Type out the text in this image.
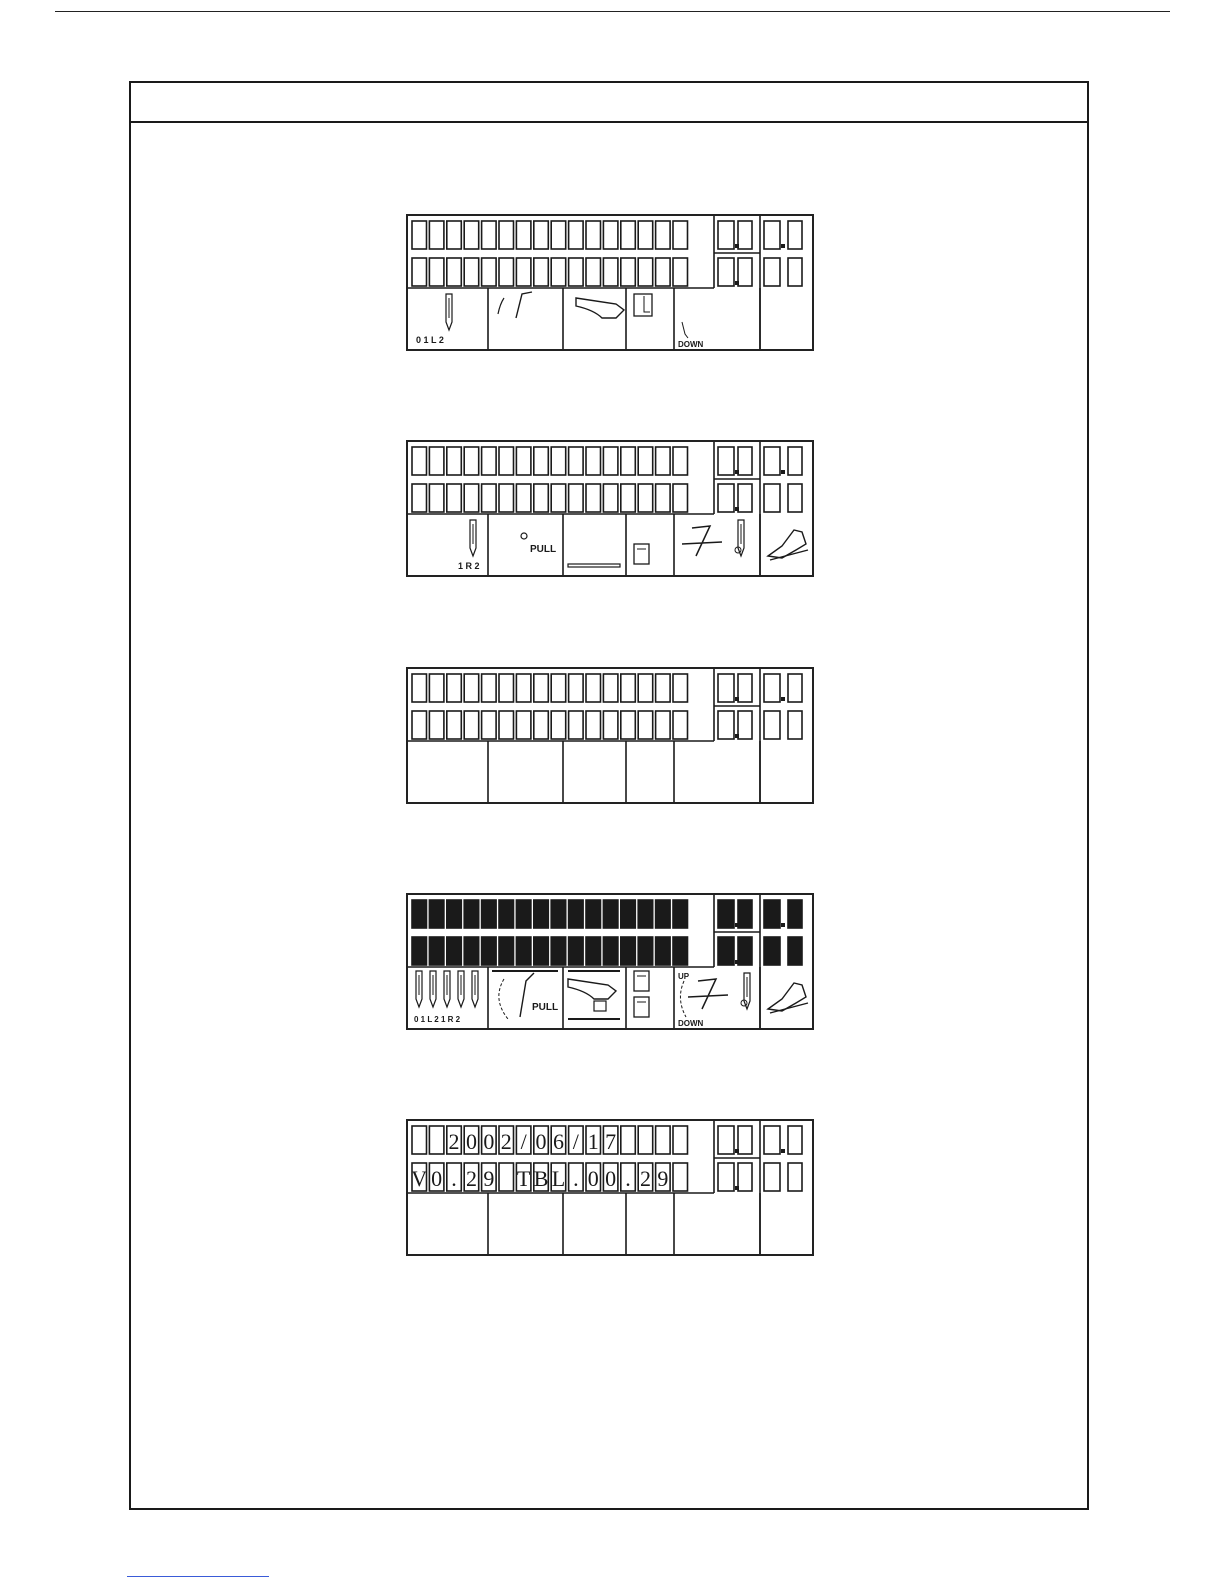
0 1 L 2	DOWN
1 R 2
PULL
0 1 L 2 1 R 2
PULL
UP
DOWN
2 0 0 2 / 0 6 / 1 7
V 0 . 2 9 T B L . 0 0 . 2 9
